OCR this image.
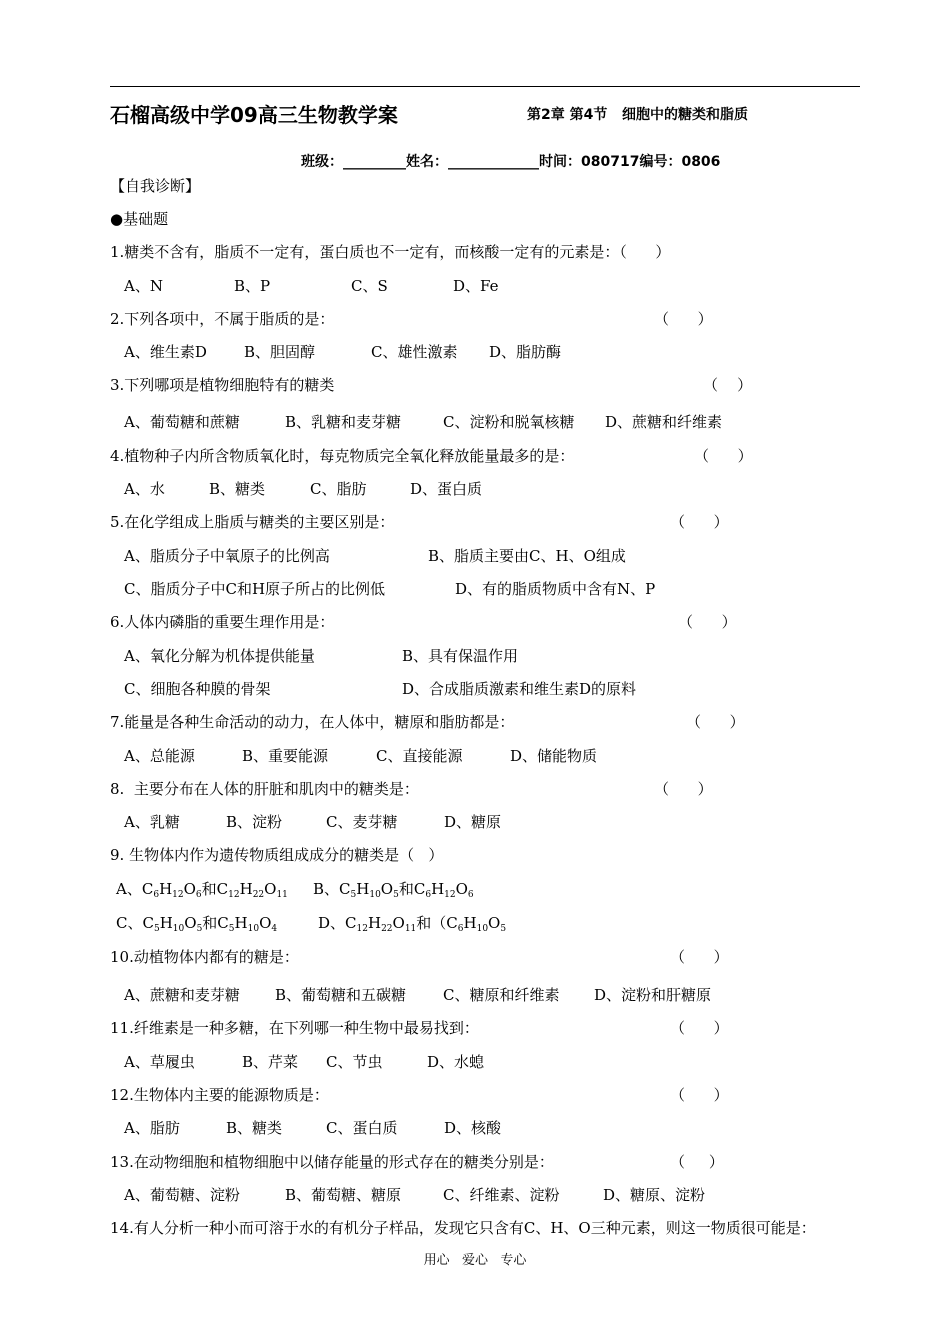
石榴高级中学09高三生物教学案	第2章 第4节   细胞中的糖类和脂质
班级：_________姓名：_____________时间：080717编号：0806
【自我诊断】
●基础题
1.糖类不含有，脂质不一定有，蛋白质也不一定有，而核酸一定有的元素是：（      ）
A、N	B、P	C、S	D、Fe
2.下列各项中，不属于脂质的是：	（      ）
A、维生素D B、胆固醇	C、雄性激素 D、脂肪酶
3.下列哪项是植物细胞特有的糖类	（    ）
A、葡萄糖和蔗糖	B、乳糖和麦芽糖	C、淀粉和脱氧核糖 D、蔗糖和纤维素
4.植物种子内所含物质氧化时，每克物质完全氧化释放能量最多的是：	（      ）
A、水	B、糖类	C、脂肪	D、蛋白质
5.在化学组成上脂质与糖类的主要区别是：	（      ）
A、脂质分子中氧原子的比例高	B、脂质主要由C、H、O组成
C、脂质分子中C和H原子所占的比例低	D、有的脂质物质中含有N、P
6.人体内磷脂的重要生理作用是：	（      ）
A、氧化分解为机体提供能量	B、具有保温作用
C、细胞各种膜的骨架	D、合成脂质激素和维生素D的原料
7.能量是各种生命活动的动力，在人体中，糖原和脂肪都是：	（      ）
A、总能源	B、重要能源	C、直接能源	D、储能物质
8.  主要分布在人体的肝脏和肌肉中的糖类是：	（      ）
A、乳糖	B、淀粉	C、麦芽糖	D、糖原
9. 生物体内作为遗传物质组成成分的糖类是（   ）
A、$C_6H_{12}O_6$和$C_{12}H_{22}O_{11}$ B、$C_5H_{10}O_5$和$C_6H_{12}O_6$
C、$C_5H_{10}O_5$和$C_5H_{10}O_4$	D、$C_{12}H_{22}O_{11}$和（$C_6H_{10}O_5$
10.动植物体内都有的糖是：	（      ）
A、蔗糖和麦芽糖 B、葡萄糖和五碳糖 C、糖原和纤维素 D、淀粉和肝糖原
11.纤维素是一种多糖，在下列哪一种生物中最易找到：	（      ）
A、草履虫	B、芹菜 C、节虫	D、水螅
12.生物体内主要的能源物质是：	（      ）
A、脂肪	B、糖类	C、蛋白质	D、核酸
13.在动物细胞和植物细胞中以储存能量的形式存在的糖类分别是：	（     ）
A、葡萄糖、淀粉	B、葡萄糖、糖原	C、纤维素、淀粉	D、糖原、淀粉
14.有人分析一种小而可溶于水的有机分子样品，发现它只含有C、H、O三种元素，则这一物质很可能是：
用心   爱心   专心
